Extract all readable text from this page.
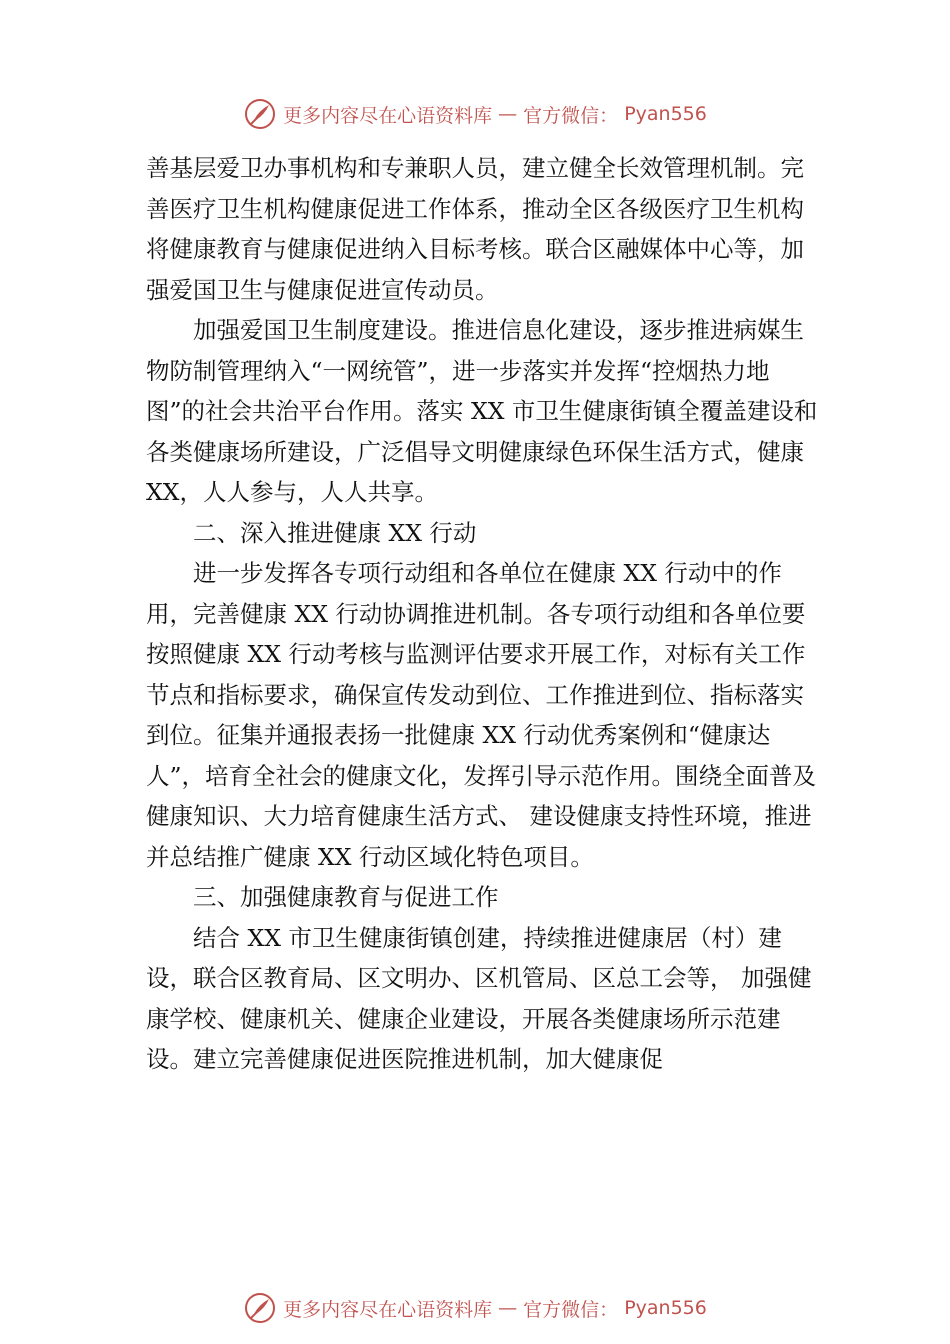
更多内容尽在心语资料库 — 官方微信： Pyan556

善基层爱卫办事机构和专兼职人员，建立健全长效管理机制。完善医疗卫生机构健康促进工作体系，推动全区各级医疗卫生机构将健康教育与健康促进纳入目标考核。联合区融媒体中心等，加强爱国卫生与健康促进宣传动员。

加强爱国卫生制度建设。推进信息化建设，逐步推进病媒生物防制管理纳入“一网统管”，进一步落实并发挥“控烟热力地图”的社会共治平台作用。落实 XX 市卫生健康街镇全覆盖建设和各类健康场所建设，广泛倡导文明健康绿色环保生活方式，健康 XX，人人参与，人人共享。

二、深入推进健康 XX 行动

进一步发挥各专项行动组和各单位在健康 XX 行动中的作用，完善健康 XX 行动协调推进机制。各专项行动组和各单位要按照健康 XX 行动考核与监测评估要求开展工作，对标有关工作节点和指标要求，确保宣传发动到位、工作推进到位、指标落实到位。征集并通报表扬一批健康 XX 行动优秀案例和“健康达人”，培育全社会的健康文化，发挥引导示范作用。围绕全面普及健康知识、大力培育健康生活方式、 建设健康支持性环境，推进并总结推广健康 XX 行动区域化特色项目。

三、加强健康教育与促进工作

结合 XX 市卫生健康街镇创建，持续推进健康居（村）建设，联合区教育局、区文明办、区机管局、区总工会等， 加强健康学校、健康机关、健康企业建设，开展各类健康场所示范建设。建立完善健康促进医院推进机制，加大健康促

更多内容尽在心语资料库 — 官方微信： Pyan556
